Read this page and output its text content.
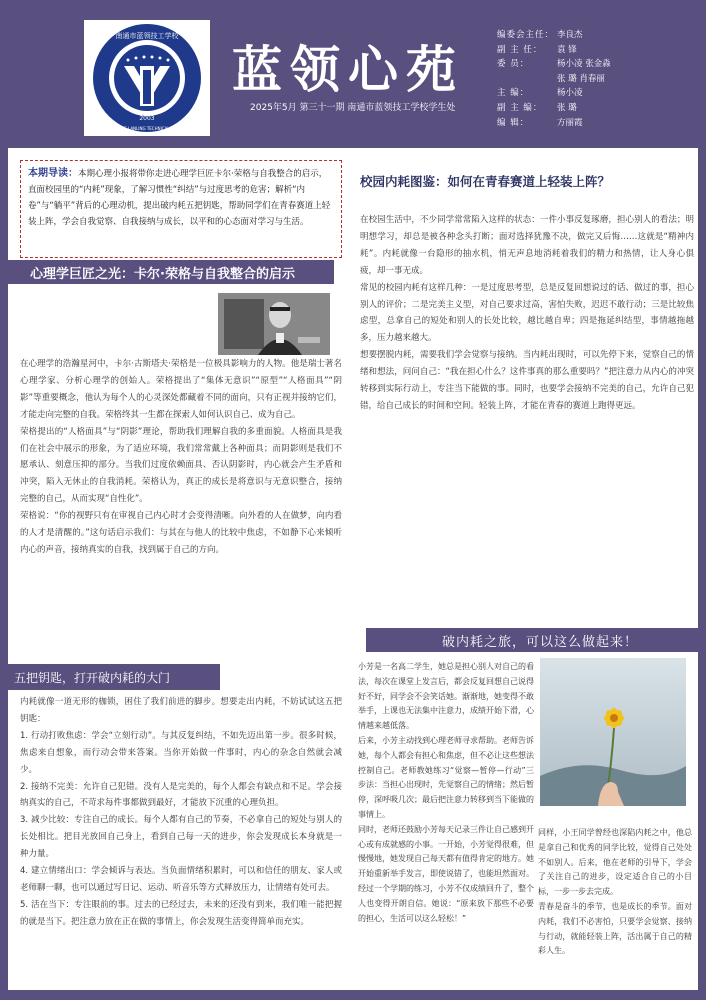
2003
南通市蓝领技工学校
NANTONG LANLING TECHNICAL SCHOOL
蓝领心苑
2025年5月 第三十一期 南通市蓝领技工学校学生处
编委会主任： 李良杰
副 主 任：	袁 锋
委 员：	杨小凌 张金淼
张 璐 肖春丽
主 编：	杨小凌
副 主 编：	张 璐
编 辑：	方丽霞
本期导读：本期心理小报将带你走进心理学巨匠卡尔·荣格与自我整合的启示，直面校园里的“内耗”现象，了解习惯性“纠结”与过度思考的危害；解析“内卷”与“躺平”背后的心理动机，提出破内耗五把钥匙，帮助同学们在青春赛道上轻装上阵，学会自我觉察、自我接纳与成长，以平和的心态面对学习与生活。
心理学巨匠之光：卡尔·荣格与自我整合的启示

在心理学的浩瀚星河中，卡尔·古斯塔夫·荣格是一位极具影响力的人物。他是瑞士著名心理学家、分析心理学的创始人。荣格提出了“集体无意识”“原型”“人格面具”“阴影”等重要概念，他认为每个人的心灵深处都藏着不同的面向，只有正视并接纳它们，才能走向完整的自我。荣格终其一生都在探索人如何认识自己、成为自己。

荣格提出的“人格面具”与“阴影”理论，帮助我们理解自我的多重面貌。人格面具是我们在社会中展示的形象，为了适应环境，我们常常戴上各种面具；而阴影则是我们不愿承认、刻意压抑的部分。当我们过度依赖面具、否认阴影时，内心就会产生矛盾和冲突，陷入无休止的自我消耗。荣格认为，真正的成长是将意识与无意识整合，接纳完整的自己，从而实现“自性化”。

荣格说：“你的视野只有在审视自己内心时才会变得清晰。向外看的人在做梦，向内看的人才是清醒的。”这句话启示我们：与其在与他人的比较中焦虑，不如静下心来倾听内心的声音，接纳真实的自我，找到属于自己的方向。

五把钥匙，打开破内耗的大门

内耗就像一道无形的枷锁，困住了我们前进的脚步。想要走出内耗，不妨试试这五把钥匙：

1. 行动打败焦虑：学会“立刻行动”。与其反复纠结，不如先迈出第一步。很多时候，焦虑来自想象，而行动会带来答案。当你开始做一件事时，内心的杂念自然就会减少。

2. 接纳不完美：允许自己犯错。没有人是完美的，每个人都会有缺点和不足。学会接纳真实的自己，不苛求每件事都做到最好，才能放下沉重的心理负担。

3. 减少比较：专注自己的成长。每个人都有自己的节奏，不必拿自己的短处与别人的长处相比。把目光放回自己身上，看到自己每一天的进步，你会发现成长本身就是一种力量。

4. 建立情绪出口：学会倾诉与表达。当负面情绪积累时，可以和信任的朋友、家人或老师聊一聊，也可以通过写日记、运动、听音乐等方式释放压力，让情绪有处可去。

5. 活在当下：专注眼前的事。过去的已经过去，未来的还没有到来，我们唯一能把握的就是当下。把注意力放在正在做的事情上，你会发现生活变得简单而充实。

校园内耗图鉴：如何在青春赛道上轻装上阵？

在校园生活中，不少同学常常陷入这样的状态：一件小事反复琢磨，担心别人的看法；明明想学习，却总是被各种念头打断；面对选择犹豫不决，做完又后悔……这就是“精神内耗”。内耗就像一台隐形的抽水机，悄无声息地消耗着我们的精力和热情，让人身心俱疲，却一事无成。

常见的校园内耗有这样几种：一是过度思考型，总是反复回想说过的话、做过的事，担心别人的评价；二是完美主义型，对自己要求过高，害怕失败，迟迟不敢行动；三是比较焦虑型，总拿自己的短处和别人的长处比较，越比越自卑；四是拖延纠结型，事情越拖越多，压力越来越大。

想要摆脱内耗，需要我们学会觉察与接纳。当内耗出现时，可以先停下来，觉察自己的情绪和想法，问问自己：“我在担心什么？这件事真的那么重要吗？”把注意力从内心的冲突转移到实际行动上，专注当下能做的事。同时，也要学会接纳不完美的自己，允许自己犯错，给自己成长的时间和空间。轻装上阵，才能在青春的赛道上跑得更远。

破内耗之旅，可以这么做起来！

小芳是一名高二学生，她总是担心别人对自己的看法，每次在课堂上发言后，都会反复回想自己说得好不好，同学会不会笑话她。渐渐地，她变得不敢举手，上课也无法集中注意力，成绩开始下滑，心情越来越低落。

后来，小芳主动找到心理老师寻求帮助。老师告诉她，每个人都会有担心和焦虑，但不必让这些想法控制自己。老师教她练习“觉察—暂停—行动”三步法：当担心出现时，先觉察自己的情绪；然后暂停，深呼吸几次；最后把注意力转移到当下能做的事情上。

同时，老师还鼓励小芳每天记录三件让自己感到开心或有成就感的小事。一开始，小芳觉得很难，但慢慢地，她发现自己每天都有值得肯定的地方。她开始重新举手发言，即使说错了，也能坦然面对。

经过一个学期的练习，小芳不仅成绩回升了，整个人也变得开朗自信。她说：“原来放下那些不必要的担心，生活可以这么轻松！”

同样，小王同学曾经也深陷内耗之中，他总是拿自己和优秀的同学比较，觉得自己处处不如别人。后来，他在老师的引导下，学会了关注自己的进步，设定适合自己的小目标，一步一步去完成。

青春是奋斗的季节，也是成长的季节。面对内耗，我们不必害怕，只要学会觉察、接纳与行动，就能轻装上阵，活出属于自己的精彩人生。
